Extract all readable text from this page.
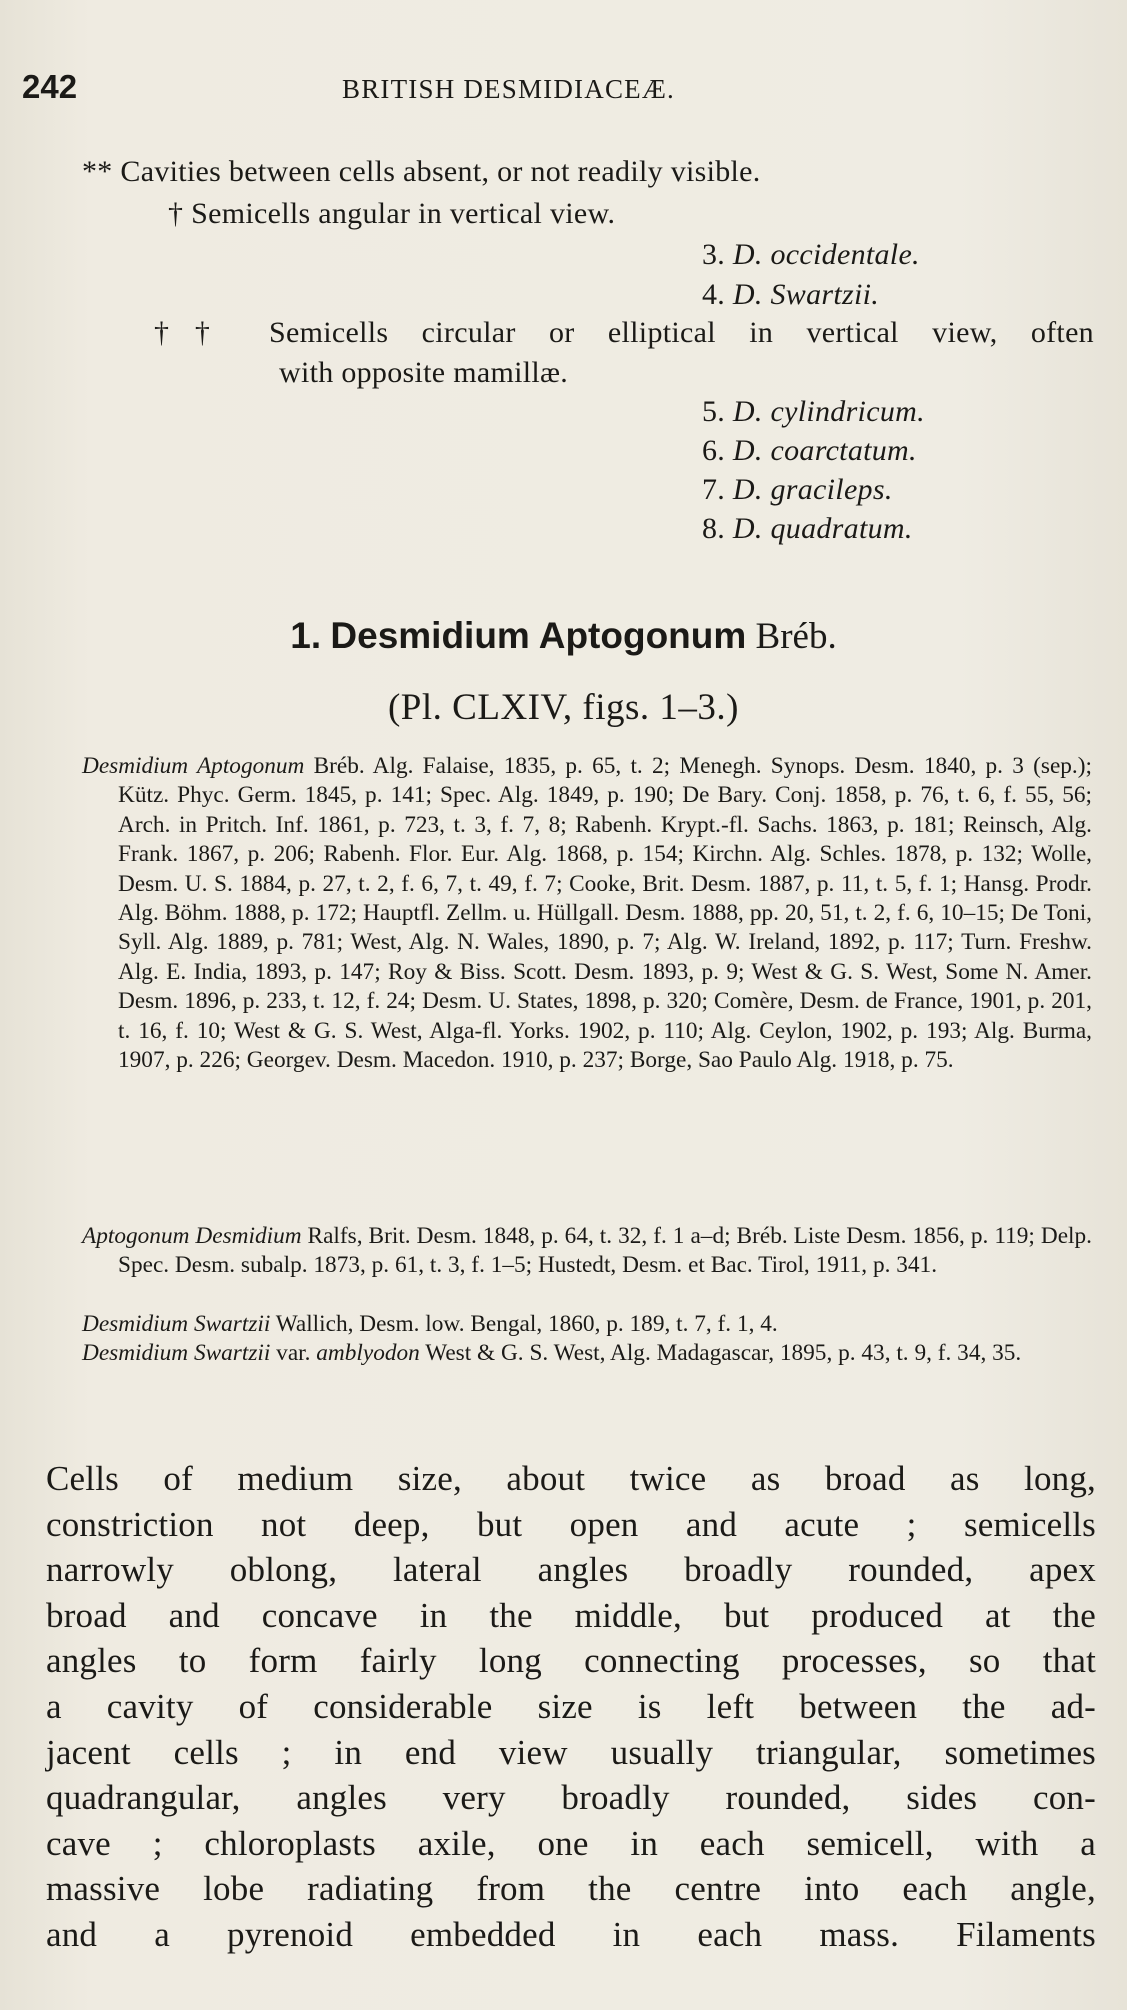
242	BRITISH DESMIDIACEÆ.
** Cavities between cells absent, or not readily visible.
† Semicells angular in vertical view.
3. D. occidentale.
4. D. Swartzii.
†† Semicells circular or elliptical in vertical view, often
with opposite mamillæ.
5. D. cylindricum.
6. D. coarctatum.
7. D. gracileps.
8. D. quadratum.
1. Desmidium Aptogonum Bréb.
(Pl. CLXIV, figs. 1–3.)
Desmidium Aptogonum Bréb. Alg. Falaise, 1835, p. 65, t. 2; Menegh. Synops. Desm. 1840, p. 3 (sep.); Kütz. Phyc. Germ. 1845, p. 141; Spec. Alg. 1849, p. 190; De Bary. Conj. 1858, p. 76, t. 6, f. 55, 56; Arch. in Pritch. Inf. 1861, p. 723, t. 3, f. 7, 8; Rabenh. Krypt.-fl. Sachs. 1863, p. 181; Reinsch, Alg. Frank. 1867, p. 206; Rabenh. Flor. Eur. Alg. 1868, p. 154; Kirchn. Alg. Schles. 1878, p. 132; Wolle, Desm. U. S. 1884, p. 27, t. 2, f. 6, 7, t. 49, f. 7; Cooke, Brit. Desm. 1887, p. 11, t. 5, f. 1; Hansg. Prodr. Alg. Böhm. 1888, p. 172; Hauptfl. Zellm. u. Hüllgall. Desm. 1888, pp. 20, 51, t. 2, f. 6, 10–15; De Toni, Syll. Alg. 1889, p. 781; West, Alg. N. Wales, 1890, p. 7; Alg. W. Ireland, 1892, p. 117; Turn. Freshw. Alg. E. India, 1893, p. 147; Roy & Biss. Scott. Desm. 1893, p. 9; West & G. S. West, Some N. Amer. Desm. 1896, p. 233, t. 12, f. 24; Desm. U. States, 1898, p. 320; Comère, Desm. de France, 1901, p. 201, t. 16, f. 10; West & G. S. West, Alga-fl. Yorks. 1902, p. 110; Alg. Ceylon, 1902, p. 193; Alg. Burma, 1907, p. 226; Georgev. Desm. Macedon. 1910, p. 237; Borge, Sao Paulo Alg. 1918, p. 75.
Aptogonum Desmidium Ralfs, Brit. Desm. 1848, p. 64, t. 32, f. 1 a–d; Bréb. Liste Desm. 1856, p. 119; Delp. Spec. Desm. subalp. 1873, p. 61, t. 3, f. 1–5; Hustedt, Desm. et Bac. Tirol, 1911, p. 341.
Desmidium Swartzii Wallich, Desm. low. Bengal, 1860, p. 189, t. 7, f. 1, 4.
Desmidium Swartzii var. amblyodon West & G. S. West, Alg. Madagascar, 1895, p. 43, t. 9, f. 34, 35.
Cells of medium size, about twice as broad as long,
constriction not deep, but open and acute ; semicells
narrowly oblong, lateral angles broadly rounded, apex
broad and concave in the middle, but produced at the
angles to form fairly long connecting processes, so that
a cavity of considerable size is left between the ad-
jacent cells ; in end view usually triangular, sometimes
quadrangular, angles very broadly rounded, sides con-
cave ; chloroplasts axile, one in each semicell, with a
massive lobe radiating from the centre into each angle,
and a pyrenoid embedded in each mass. Filaments
